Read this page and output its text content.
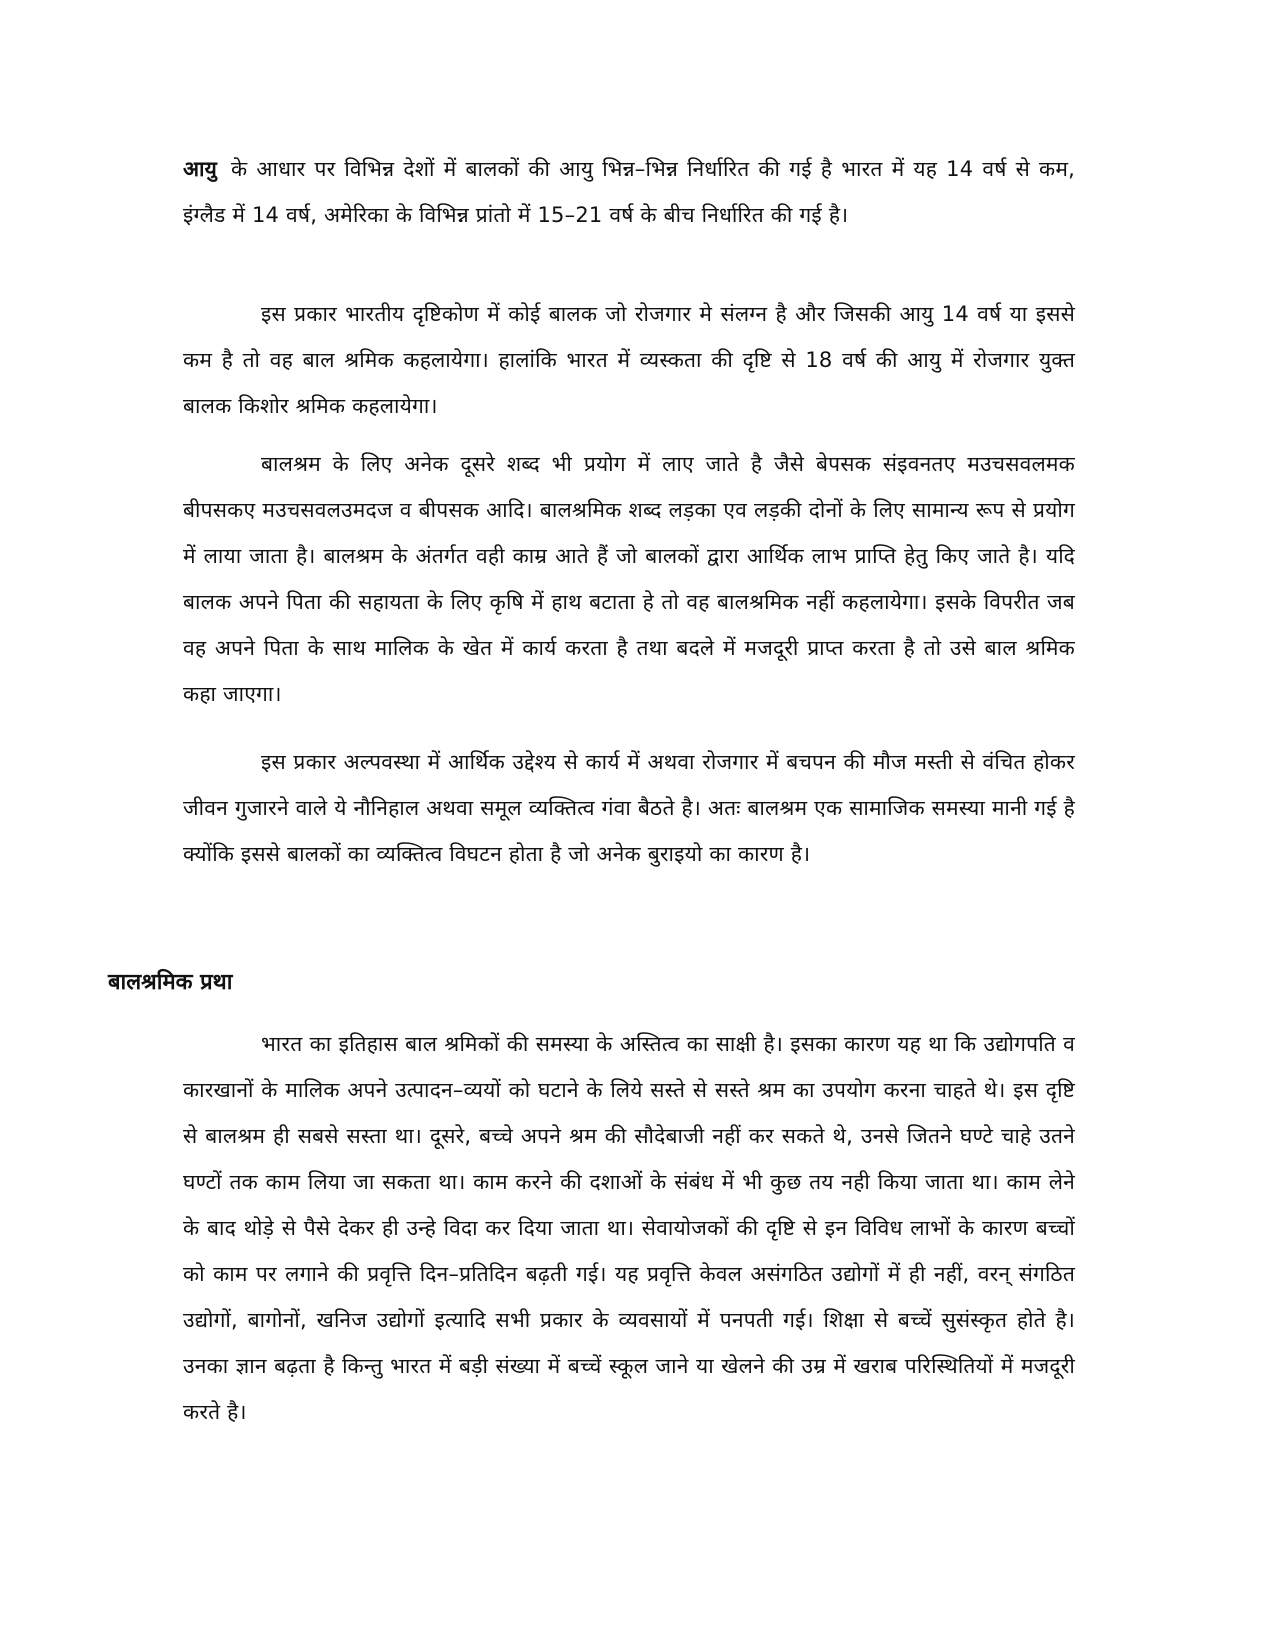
आयु के आधार पर विभिन्न देशों में बालकों की आयु भिन्न–भिन्न निर्धारित की गई है भारत में यह 14 वर्ष से कम, इंग्लैड में 14 वर्ष, अमेरिका के विभिन्न प्रांतो में 15–21 वर्ष के बीच निर्धारित की गई है।

इस प्रकार भारतीय दृष्टिकोण में कोई बालक जो रोजगार मे संलग्न है और जिसकी आयु 14 वर्ष या इससे कम है तो वह बाल श्रमिक कहलायेगा। हालांकि भारत में व्यस्कता की दृष्टि से 18 वर्ष की आयु में रोजगार युक्त बालक किशोर श्रमिक कहलायेगा।

बालश्रम के लिए अनेक दूसरे शब्द भी प्रयोग में लाए जाते है जैसे बेपसक संइवनतए मउचसवलमक बीपसकए मउचसवलउमदज व बीपसक आदि। बालश्रमिक शब्द लड़का एव लड़की दोनों के लिए सामान्य रूप से प्रयोग में लाया जाता है। बालश्रम के अंतर्गत वही काम्र आते हैं जो बालकों द्वारा आर्थिक लाभ प्राप्ति हेतु किए जाते है। यदि बालक अपने पिता की सहायता के लिए कृषि में हाथ बटाता हे तो वह बालश्रमिक नहीं कहलायेगा। इसके विपरीत जब वह अपने पिता के साथ मालिक के खेत में कार्य करता है तथा बदले में मजदूरी प्राप्त करता है तो उसे बाल श्रमिक कहा जाएगा।

इस प्रकार अल्पवस्था में आर्थिक उद्देश्य से कार्य में अथवा रोजगार में बचपन की मौज मस्ती से वंचित होकर जीवन गुजारने वाले ये नौनिहाल अथवा समूल व्यक्तित्व गंवा बैठते है। अतः बालश्रम एक सामाजिक समस्या मानी गई है क्योंकि इससे बालकों का व्यक्तित्व विघटन होता है जो अनेक बुराइयो का कारण है।

बालश्रमिक प्रथा

भारत का इतिहास बाल श्रमिकों की समस्या के अस्तित्व का साक्षी है। इसका कारण यह था कि उद्योगपति व कारखानों के मालिक अपने उत्पादन–व्ययों को घटाने के लिये सस्ते से सस्ते श्रम का उपयोग करना चाहते थे। इस दृष्टि से बालश्रम ही सबसे सस्ता था। दूसरे, बच्चे अपने श्रम की सौदेबाजी नहीं कर सकते थे, उनसे जितने घण्टे चाहे उतने घण्टों तक काम लिया जा सकता था। काम करने की दशाओं के संबंध में भी कुछ तय नही किया जाता था। काम लेने के बाद थोड़े से पैसे देकर ही उन्हे विदा कर दिया जाता था। सेवायोजकों की दृष्टि से इन विविध लाभों के कारण बच्चों को काम पर लगाने की प्रवृत्ति दिन–प्रतिदिन बढ़ती गई। यह प्रवृत्ति केवल असंगठित उद्योगों में ही नहीं, वरन् संगठित उद्योगों, बागोनों, खनिज उद्योगों इत्यादि सभी प्रकार के व्यवसायों में पनपती गई। शिक्षा से बच्चें सुसंस्कृत होते है। उनका ज्ञान बढ़ता है किन्तु भारत में बड़ी संख्या में बच्चें स्कूल जाने या खेलने की उम्र में खराब परिस्थितियों में मजदूरी करते है।
